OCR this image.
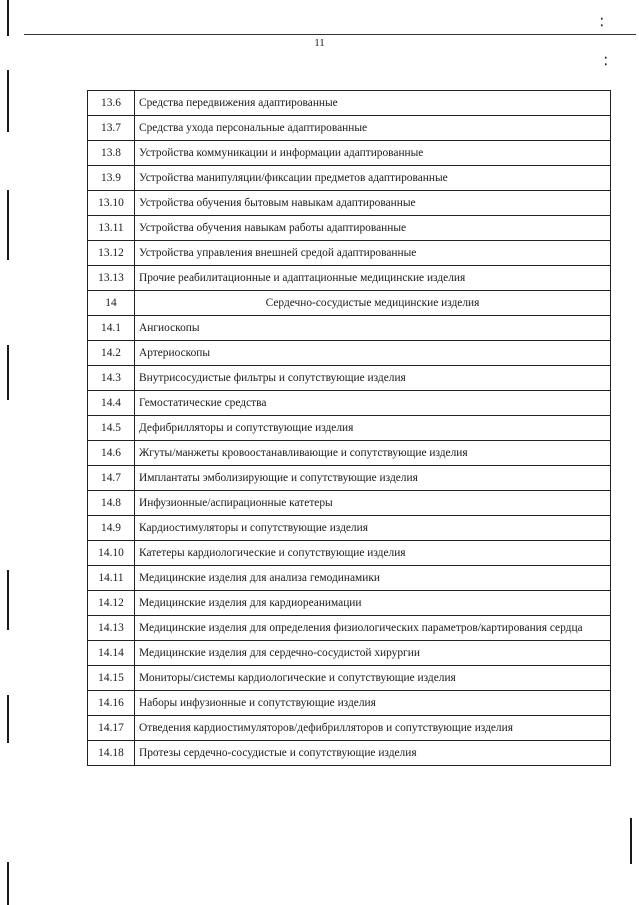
⁚
⁚
11
13.6	Средства передвижения адаптированные
13.7	Средства ухода персональные адаптированные
13.8	Устройства коммуникации и информации адаптированные
13.9	Устройства манипуляции/фиксации предметов адаптированные
13.10	Устройства обучения бытовым навыкам адаптированные
13.11	Устройства обучения навыкам работы адаптированные
13.12	Устройства управления внешней средой адаптированные
13.13	Прочие реабилитационные и адаптационные медицинские изделия
14	Сердечно-сосудистые медицинские изделия
14.1	Ангиоскопы
14.2	Артериоскопы
14.3	Внутрисосудистые фильтры и сопутствующие изделия
14.4	Гемостатические средства
14.5	Дефибрилляторы и сопутствующие изделия
14.6	Жгуты/манжеты кровоостанавливающие и сопутствующие изделия
14.7	Имплантаты эмболизирующие и сопутствующие изделия
14.8	Инфузионные/аспирационные катетеры
14.9	Кардиостимуляторы и сопутствующие изделия
14.10	Катетеры кардиологические и сопутствующие изделия
14.11	Медицинские изделия для анализа гемодинамики
14.12	Медицинские изделия для кардиореанимации
14.13	Медицинские изделия для определения физиологических параметров/картирования сердца
14.14	Медицинские изделия для сердечно-сосудистой хирургии
14.15	Мониторы/системы кардиологические и сопутствующие изделия
14.16	Наборы инфузионные и сопутствующие изделия
14.17	Отведения кардиостимуляторов/дефибрилляторов и сопутствующие изделия
14.18	Протезы сердечно-сосудистые и сопутствующие изделия
